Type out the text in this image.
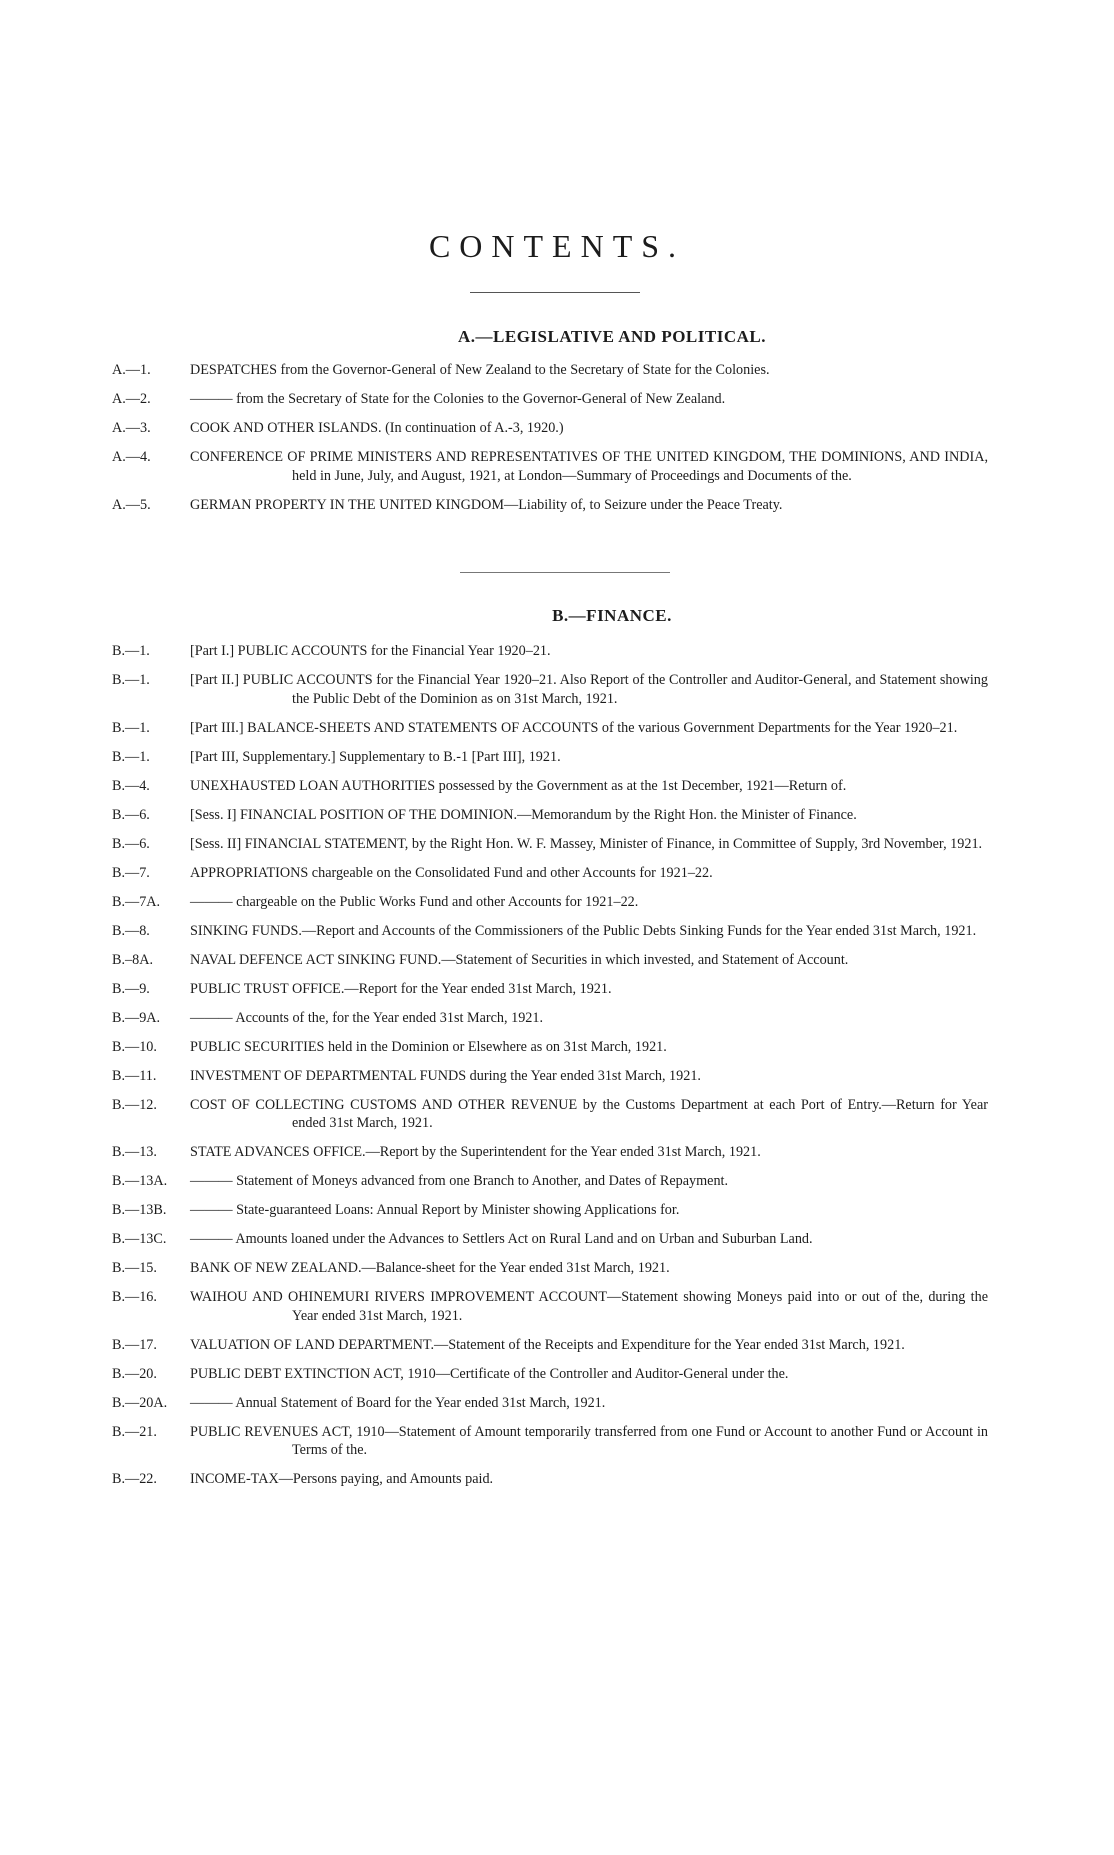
CONTENTS.
A.—LEGISLATIVE AND POLITICAL.
A.—1.	DESPATCHES from the Governor-General of New Zealand to the Secretary of State for the Colonies.

A.—2.	——— from the Secretary of State for the Colonies to the Governor-General of New Zealand.

A.—3.	COOK AND OTHER ISLANDS. (In continuation of A.-3, 1920.)

A.—4.	CONFERENCE OF PRIME MINISTERS AND REPRESENTATIVES OF THE UNITED KINGDOM, THE DOMINIONS, AND INDIA, held in June, July, and August, 1921, at London—Summary of Proceedings and Documents of the.

A.—5.	GERMAN PROPERTY IN THE UNITED KINGDOM—Liability of, to Seizure under the Peace Treaty.

B.—FINANCE.
B.—1.	[Part I.] PUBLIC ACCOUNTS for the Financial Year 1920–21.

B.—1.	[Part II.] PUBLIC ACCOUNTS for the Financial Year 1920–21. Also Report of the Controller and Auditor-General, and Statement showing the Public Debt of the Dominion as on 31st March, 1921.

B.—1.	[Part III.] BALANCE-SHEETS AND STATEMENTS OF ACCOUNTS of the various Government Departments for the Year 1920–21.

B.—1.	[Part III, Supplementary.] Supplementary to B.-1 [Part III], 1921.

B.—4.	UNEXHAUSTED LOAN AUTHORITIES possessed by the Government as at the 1st December, 1921—Return of.

B.—6.	[Sess. I] FINANCIAL POSITION OF THE DOMINION.—Memorandum by the Right Hon. the Minister of Finance.

B.—6.	[Sess. II] FINANCIAL STATEMENT, by the Right Hon. W. F. Massey, Minister of Finance, in Committee of Supply, 3rd November, 1921.

B.—7.	APPROPRIATIONS chargeable on the Consolidated Fund and other Accounts for 1921–22.

B.—7A.	——— chargeable on the Public Works Fund and other Accounts for 1921–22.

B.—8.	SINKING FUNDS.—Report and Accounts of the Commissioners of the Public Debts Sinking Funds for the Year ended 31st March, 1921.

B.–8A.	NAVAL DEFENCE ACT SINKING FUND.—Statement of Securities in which invested, and Statement of Account.

B.—9.	PUBLIC TRUST OFFICE.—Report for the Year ended 31st March, 1921.

B.—9A.	——— Accounts of the, for the Year ended 31st March, 1921.

B.—10.	PUBLIC SECURITIES held in the Dominion or Elsewhere as on 31st March, 1921.

B.—11.	INVESTMENT OF DEPARTMENTAL FUNDS during the Year ended 31st March, 1921.

B.—12.	COST OF COLLECTING CUSTOMS AND OTHER REVENUE by the Customs Department at each Port of Entry.—Return for Year ended 31st March, 1921.

B.—13.	STATE ADVANCES OFFICE.—Report by the Superintendent for the Year ended 31st March, 1921.

B.—13A.	——— Statement of Moneys advanced from one Branch to Another, and Dates of Repayment.

B.—13B.	——— State-guaranteed Loans: Annual Report by Minister showing Applications for.

B.—13C.	——— Amounts loaned under the Advances to Settlers Act on Rural Land and on Urban and Suburban Land.

B.—15.	BANK OF NEW ZEALAND.—Balance-sheet for the Year ended 31st March, 1921.

B.—16.	WAIHOU AND OHINEMURI RIVERS IMPROVEMENT ACCOUNT—Statement showing Moneys paid into or out of the, during the Year ended 31st March, 1921.

B.—17.	VALUATION OF LAND DEPARTMENT.—Statement of the Receipts and Expenditure for the Year ended 31st March, 1921.

B.—20.	PUBLIC DEBT EXTINCTION ACT, 1910—Certificate of the Controller and Auditor-General under the.

B.—20A.	——— Annual Statement of Board for the Year ended 31st March, 1921.

B.—21.	PUBLIC REVENUES ACT, 1910—Statement of Amount temporarily transferred from one Fund or Account to another Fund or Account in Terms of the.

B.—22.	INCOME-TAX—Persons paying, and Amounts paid.
